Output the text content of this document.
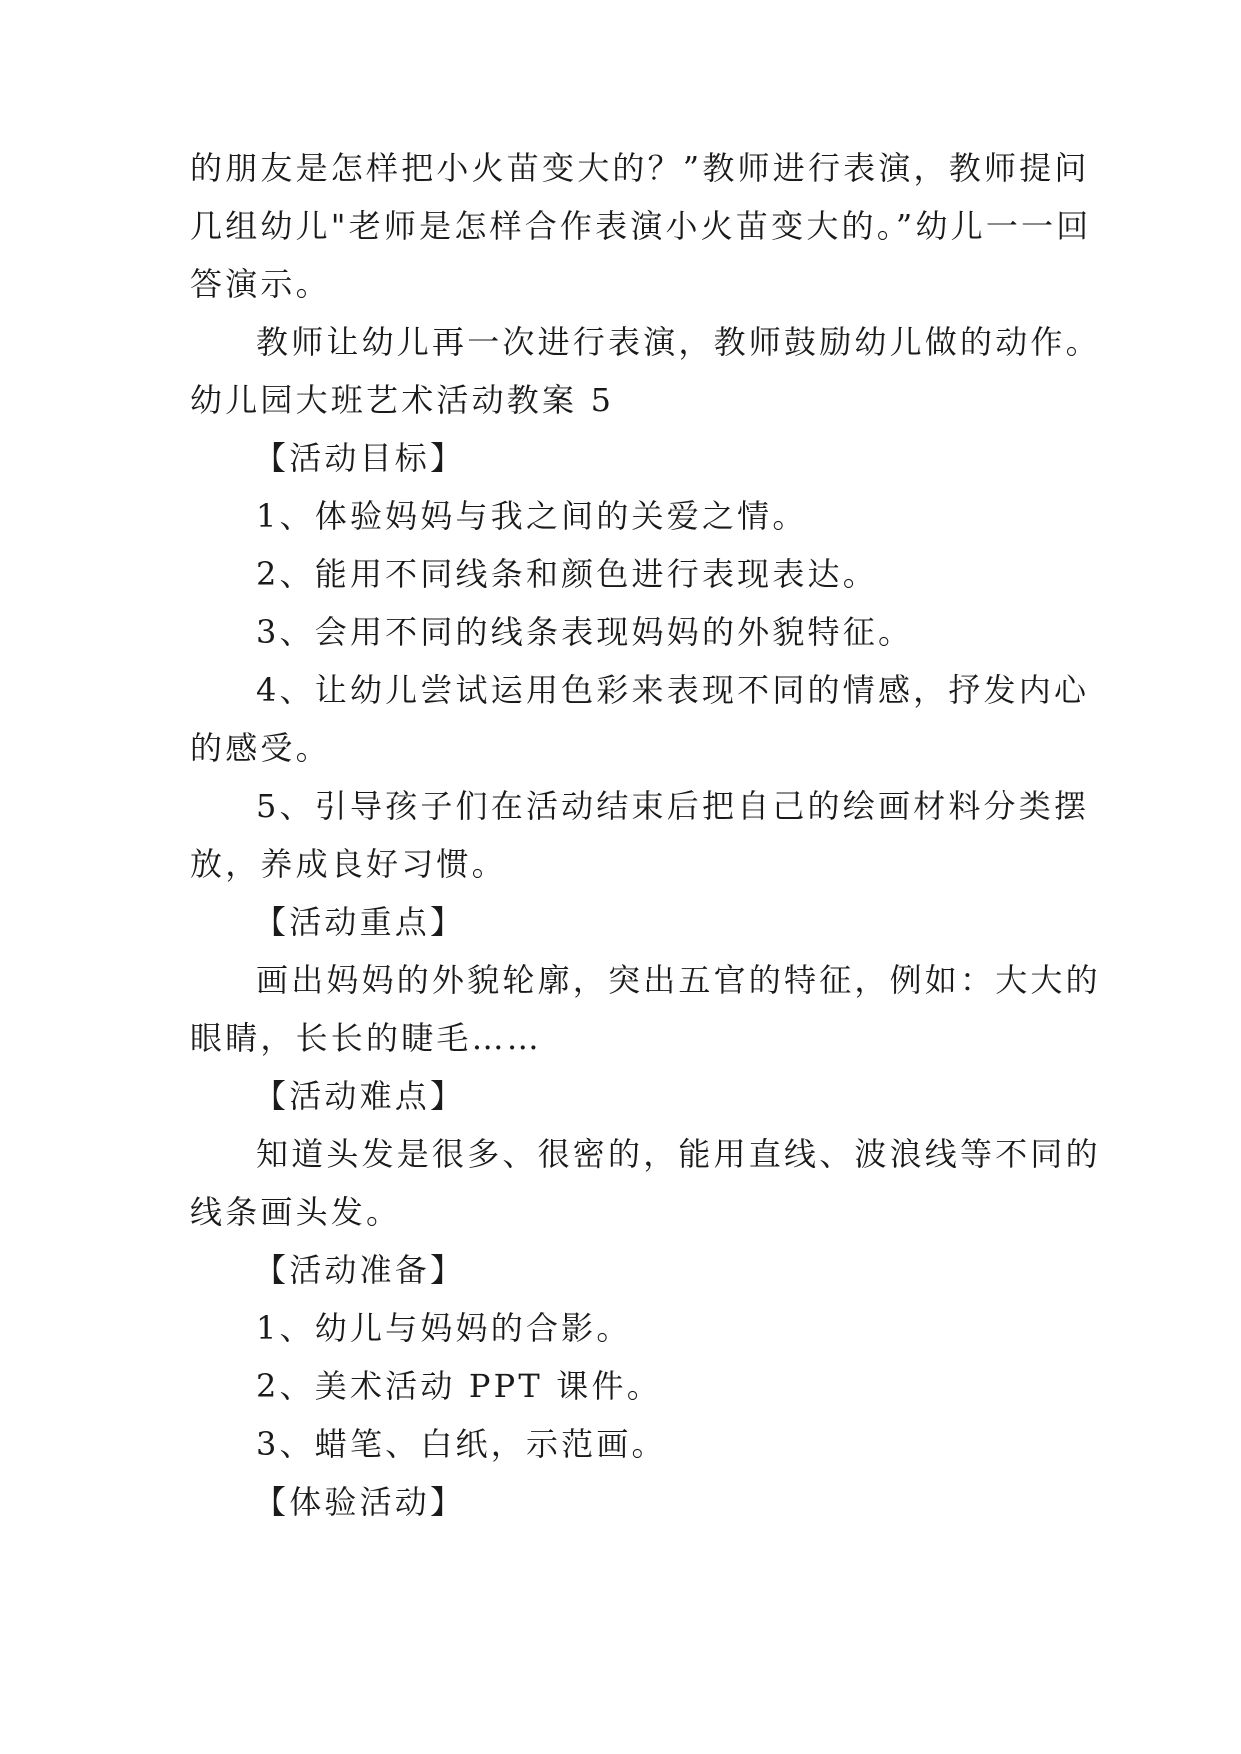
的朋友是怎样把小火苗变大的？”教师进行表演，教师提问
几组幼儿"老师是怎样合作表演小火苗变大的。”幼儿一一回
答演示。
教师让幼儿再一次进行表演，教师鼓励幼儿做的动作。
幼儿园大班艺术活动教案 5
【活动目标】
1、体验妈妈与我之间的关爱之情。
2、能用不同线条和颜色进行表现表达。
3、会用不同的线条表现妈妈的外貌特征。
4、让幼儿尝试运用色彩来表现不同的情感，抒发内心
的感受。
5、引导孩子们在活动结束后把自己的绘画材料分类摆
放，养成良好习惯。
【活动重点】
画出妈妈的外貌轮廓，突出五官的特征，例如：大大的
眼睛，长长的睫毛……
【活动难点】
知道头发是很多、很密的，能用直线、波浪线等不同的
线条画头发。
【活动准备】
1、幼儿与妈妈的合影。
2、美术活动 PPT 课件。
3、蜡笔、白纸，示范画。
【体验活动】
